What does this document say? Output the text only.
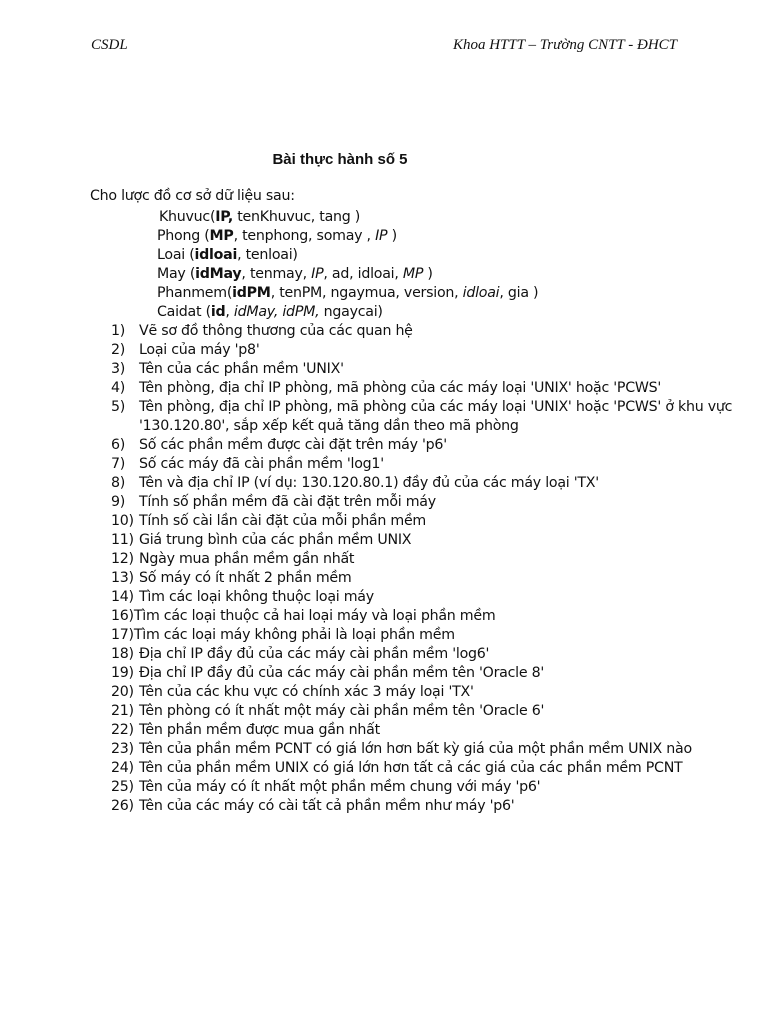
CSDL	Khoa HTTT – Trường CNTT - ĐHCT
Bài thực hành số 5
Cho lược đồ cơ sở dữ liệu sau:
Khuvuc(IP, tenKhuvuc, tang )
Phong (MP, tenphong, somay , IP )
Loai (idloai, tenloai)
May (idMay, tenmay, IP, ad, idloai, MP )
Phanmem(idPM, tenPM, ngaymua, version, idloai, gia )
Caidat (id, idMay, idPM, ngaycai)
1) Vẽ sơ đồ thông thương của các quan hệ
2) Loại của máy 'p8'
3) Tên của các phần mềm 'UNIX'
4) Tên phòng, địa chỉ IP phòng, mã phòng của các máy loại 'UNIX' hoặc 'PCWS'
5) Tên phòng, địa chỉ IP phòng, mã phòng của các máy loại 'UNIX' hoặc 'PCWS' ở khu vực '130.120.80', sắp xếp kết quả tăng dần theo mã phòng
6) Số các phần mềm được cài đặt trên máy 'p6'
7) Số các máy đã cài phần mềm 'log1'
8) Tên và địa chỉ IP (ví dụ: 130.120.80.1) đầy đủ của các máy loại 'TX'
9) Tính số phần mềm đã cài đặt trên mỗi máy
10) Tính số cài lần cài đặt của mỗi phần mềm
11) Giá trung bình của các phần mềm UNIX
12) Ngày mua phần mềm gần nhất
13) Số máy có ít nhất 2 phần mềm
14) Tìm các loại không thuộc loại máy
16) Tìm các loại thuộc cả hai loại máy và loại phần mềm
17) Tìm các loại máy không phải là loại phần mềm
18) Địa chỉ IP đầy đủ của các máy cài phần mềm 'log6'
19) Địa chỉ IP đầy đủ của các máy cài phần mềm tên 'Oracle 8'
20) Tên của các khu vực có chính xác 3 máy loại 'TX'
21) Tên phòng có ít nhất một máy cài phần mềm tên 'Oracle 6'
22) Tên phần mềm được mua gần nhất
23) Tên của phần mềm PCNT có giá lớn hơn bất kỳ giá của một phần mềm UNIX nào
24) Tên của phần mềm UNIX có giá lớn hơn tất cả các giá của các phần mềm PCNT
25) Tên của máy có ít nhất một phần mềm chung với máy 'p6'
26) Tên của các máy có cài tất cả phần mềm như máy 'p6'
